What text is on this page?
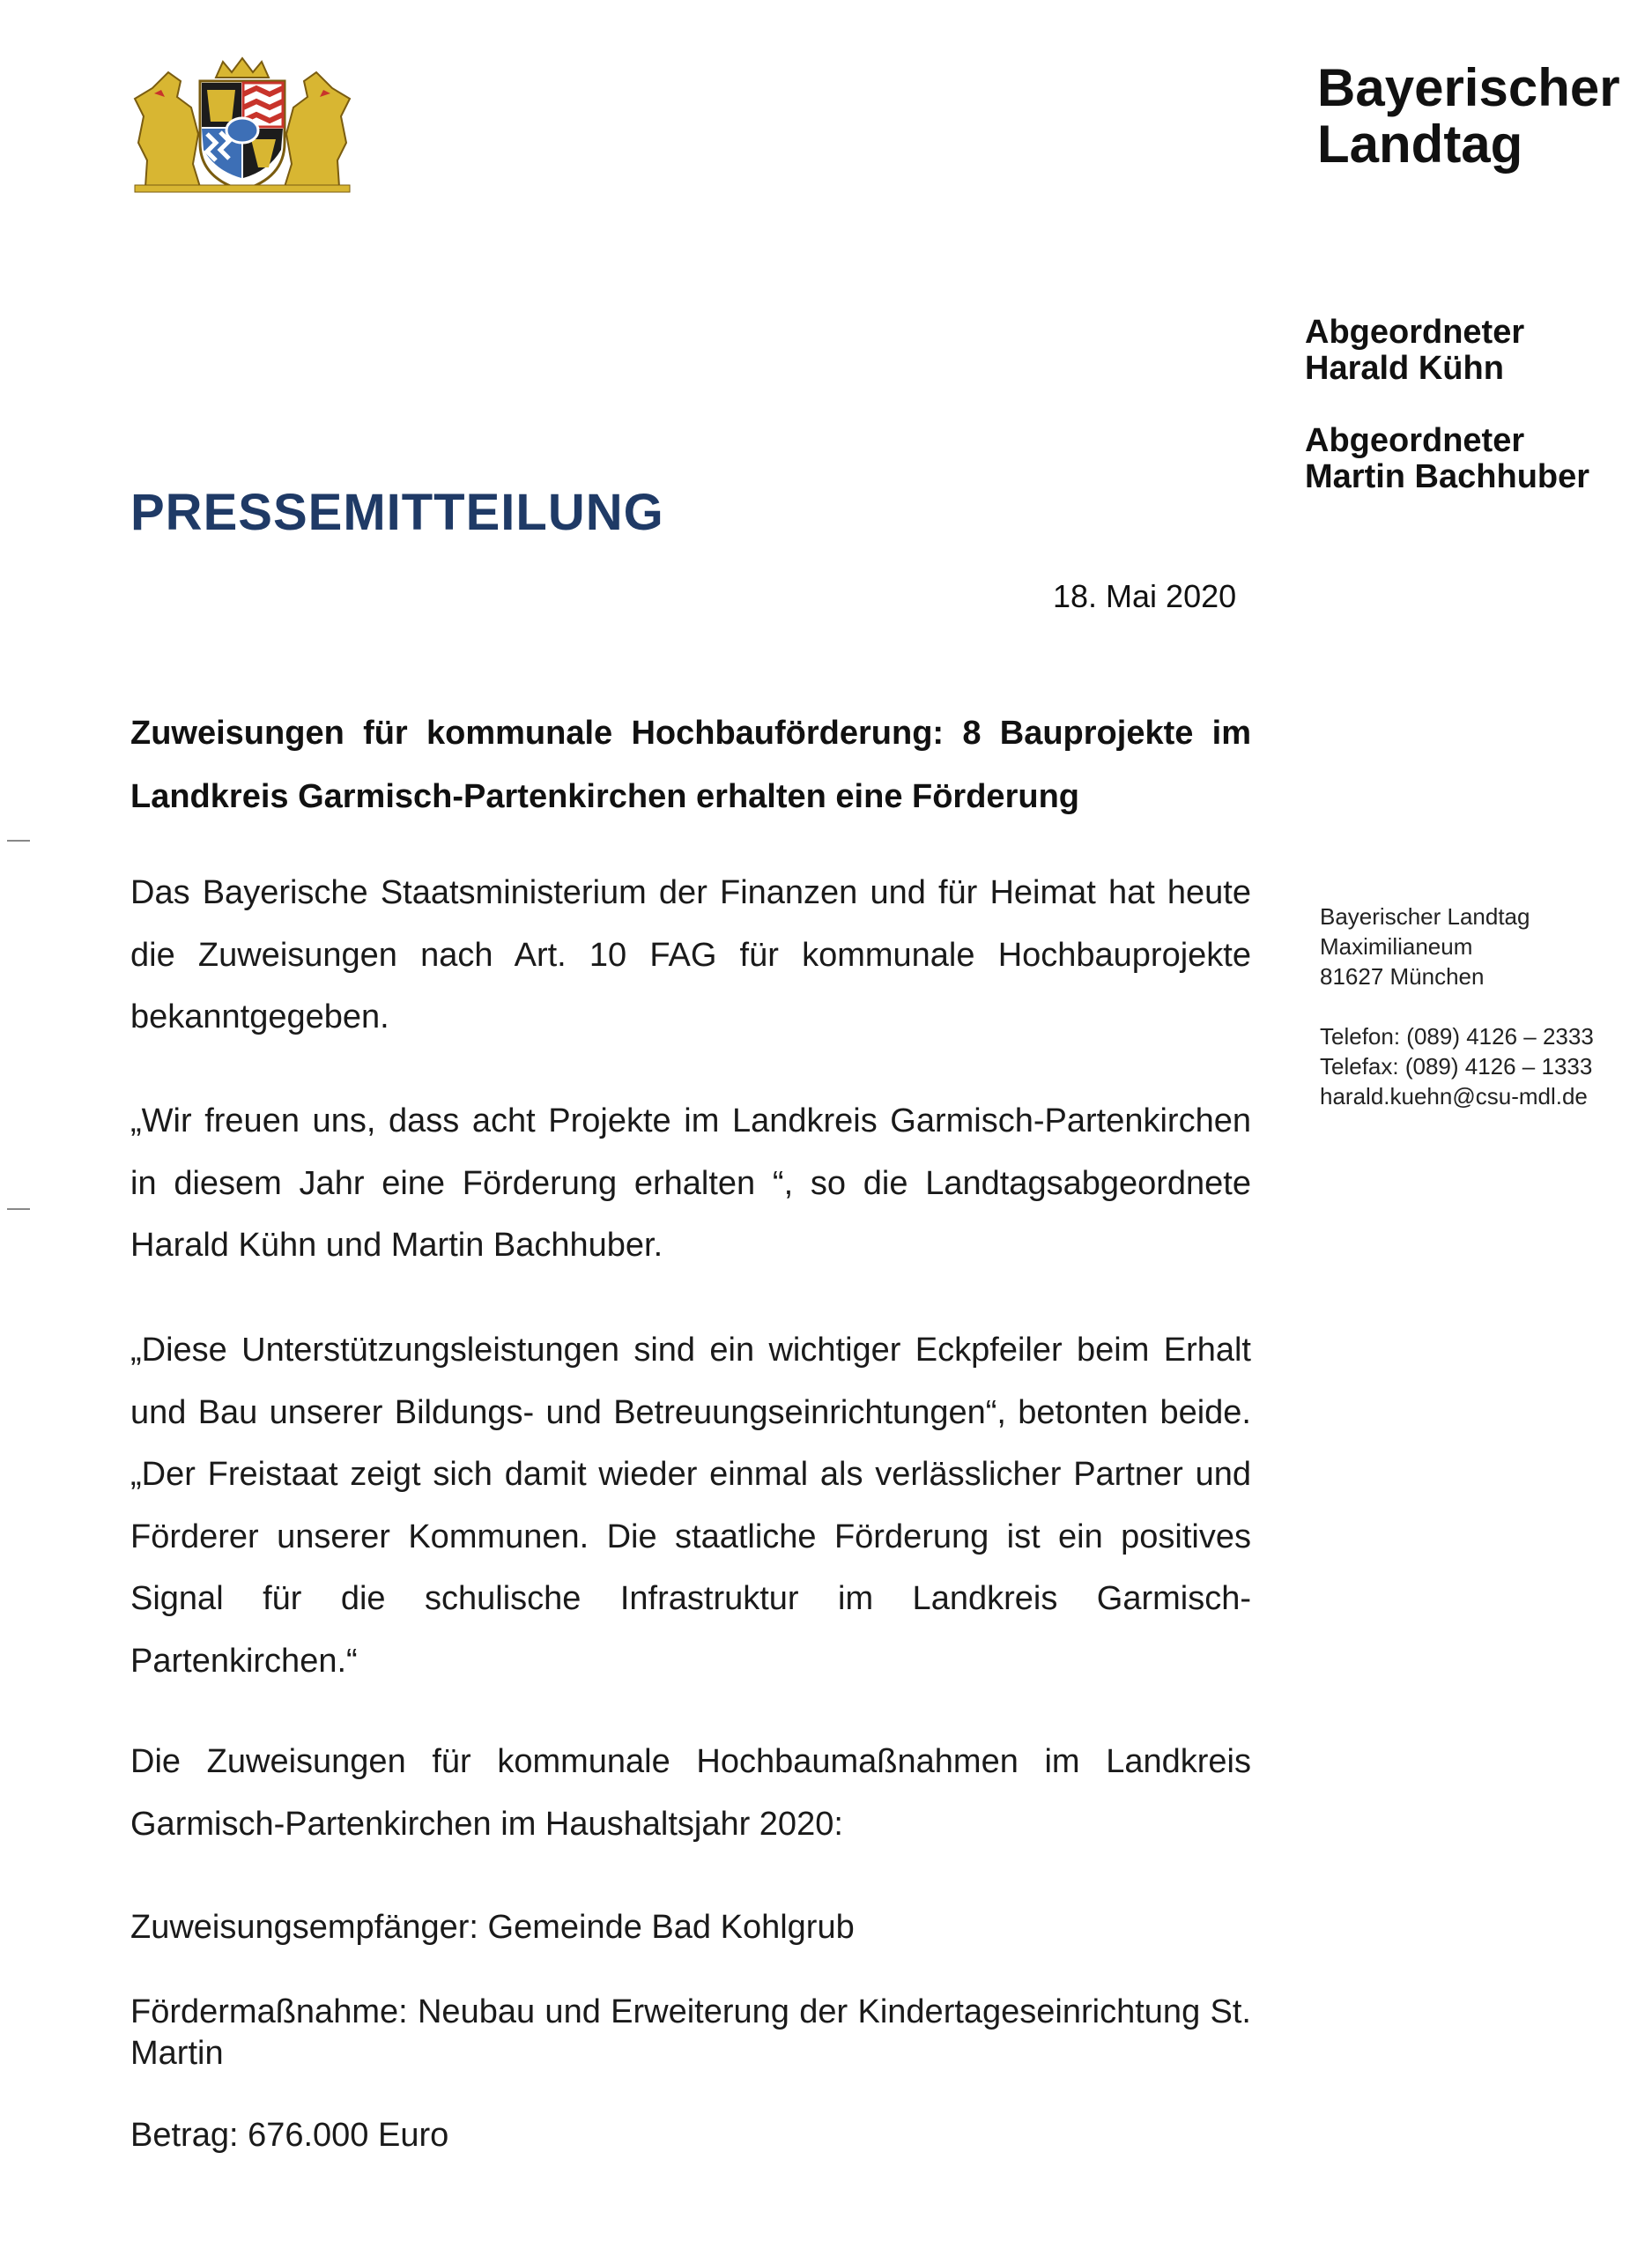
Bayerischer
Landtag
Abgeordneter
Harald Kühn
Abgeordneter
Martin Bachhuber
PRESSEMITTEILUNG
18. Mai 2020
Zuweisungen für kommunale Hochbauförderung: 8 Bauprojekte im Landkreis Garmisch-Partenkirchen erhalten eine Förderung
Das Bayerische Staatsministerium der Finanzen und für Heimat hat heute die Zuweisungen nach Art. 10 FAG für kommunale Hochbauprojekte bekanntgegeben.
„Wir freuen uns, dass acht Projekte im Landkreis Garmisch-Partenkirchen in diesem Jahr eine Förderung erhalten “, so die Landtagsabgeordnete Harald Kühn und Martin Bachhuber.
„Diese Unterstützungsleistungen sind ein wichtiger Eckpfeiler beim Erhalt und Bau unserer Bildungs- und Betreuungseinrichtungen“, betonten beide. „Der Freistaat zeigt sich damit wieder einmal als verlässlicher Partner und Förderer unserer Kommunen. Die staatliche Förderung ist ein positives Signal für die schulische Infrastruktur im Landkreis Garmisch-Partenkirchen.“
Die Zuweisungen für kommunale Hochbaumaßnahmen im Landkreis Garmisch-Partenkirchen im Haushaltsjahr 2020:
Zuweisungsempfänger: Gemeinde Bad Kohlgrub
Fördermaßnahme: Neubau und Erweiterung der Kindertageseinrichtung St. Martin
Betrag: 676.000 Euro
Bayerischer Landtag
Maximilianeum
81627 München
Telefon: (089) 4126 – 2333
Telefax: (089) 4126 – 1333
harald.kuehn@csu-mdl.de
